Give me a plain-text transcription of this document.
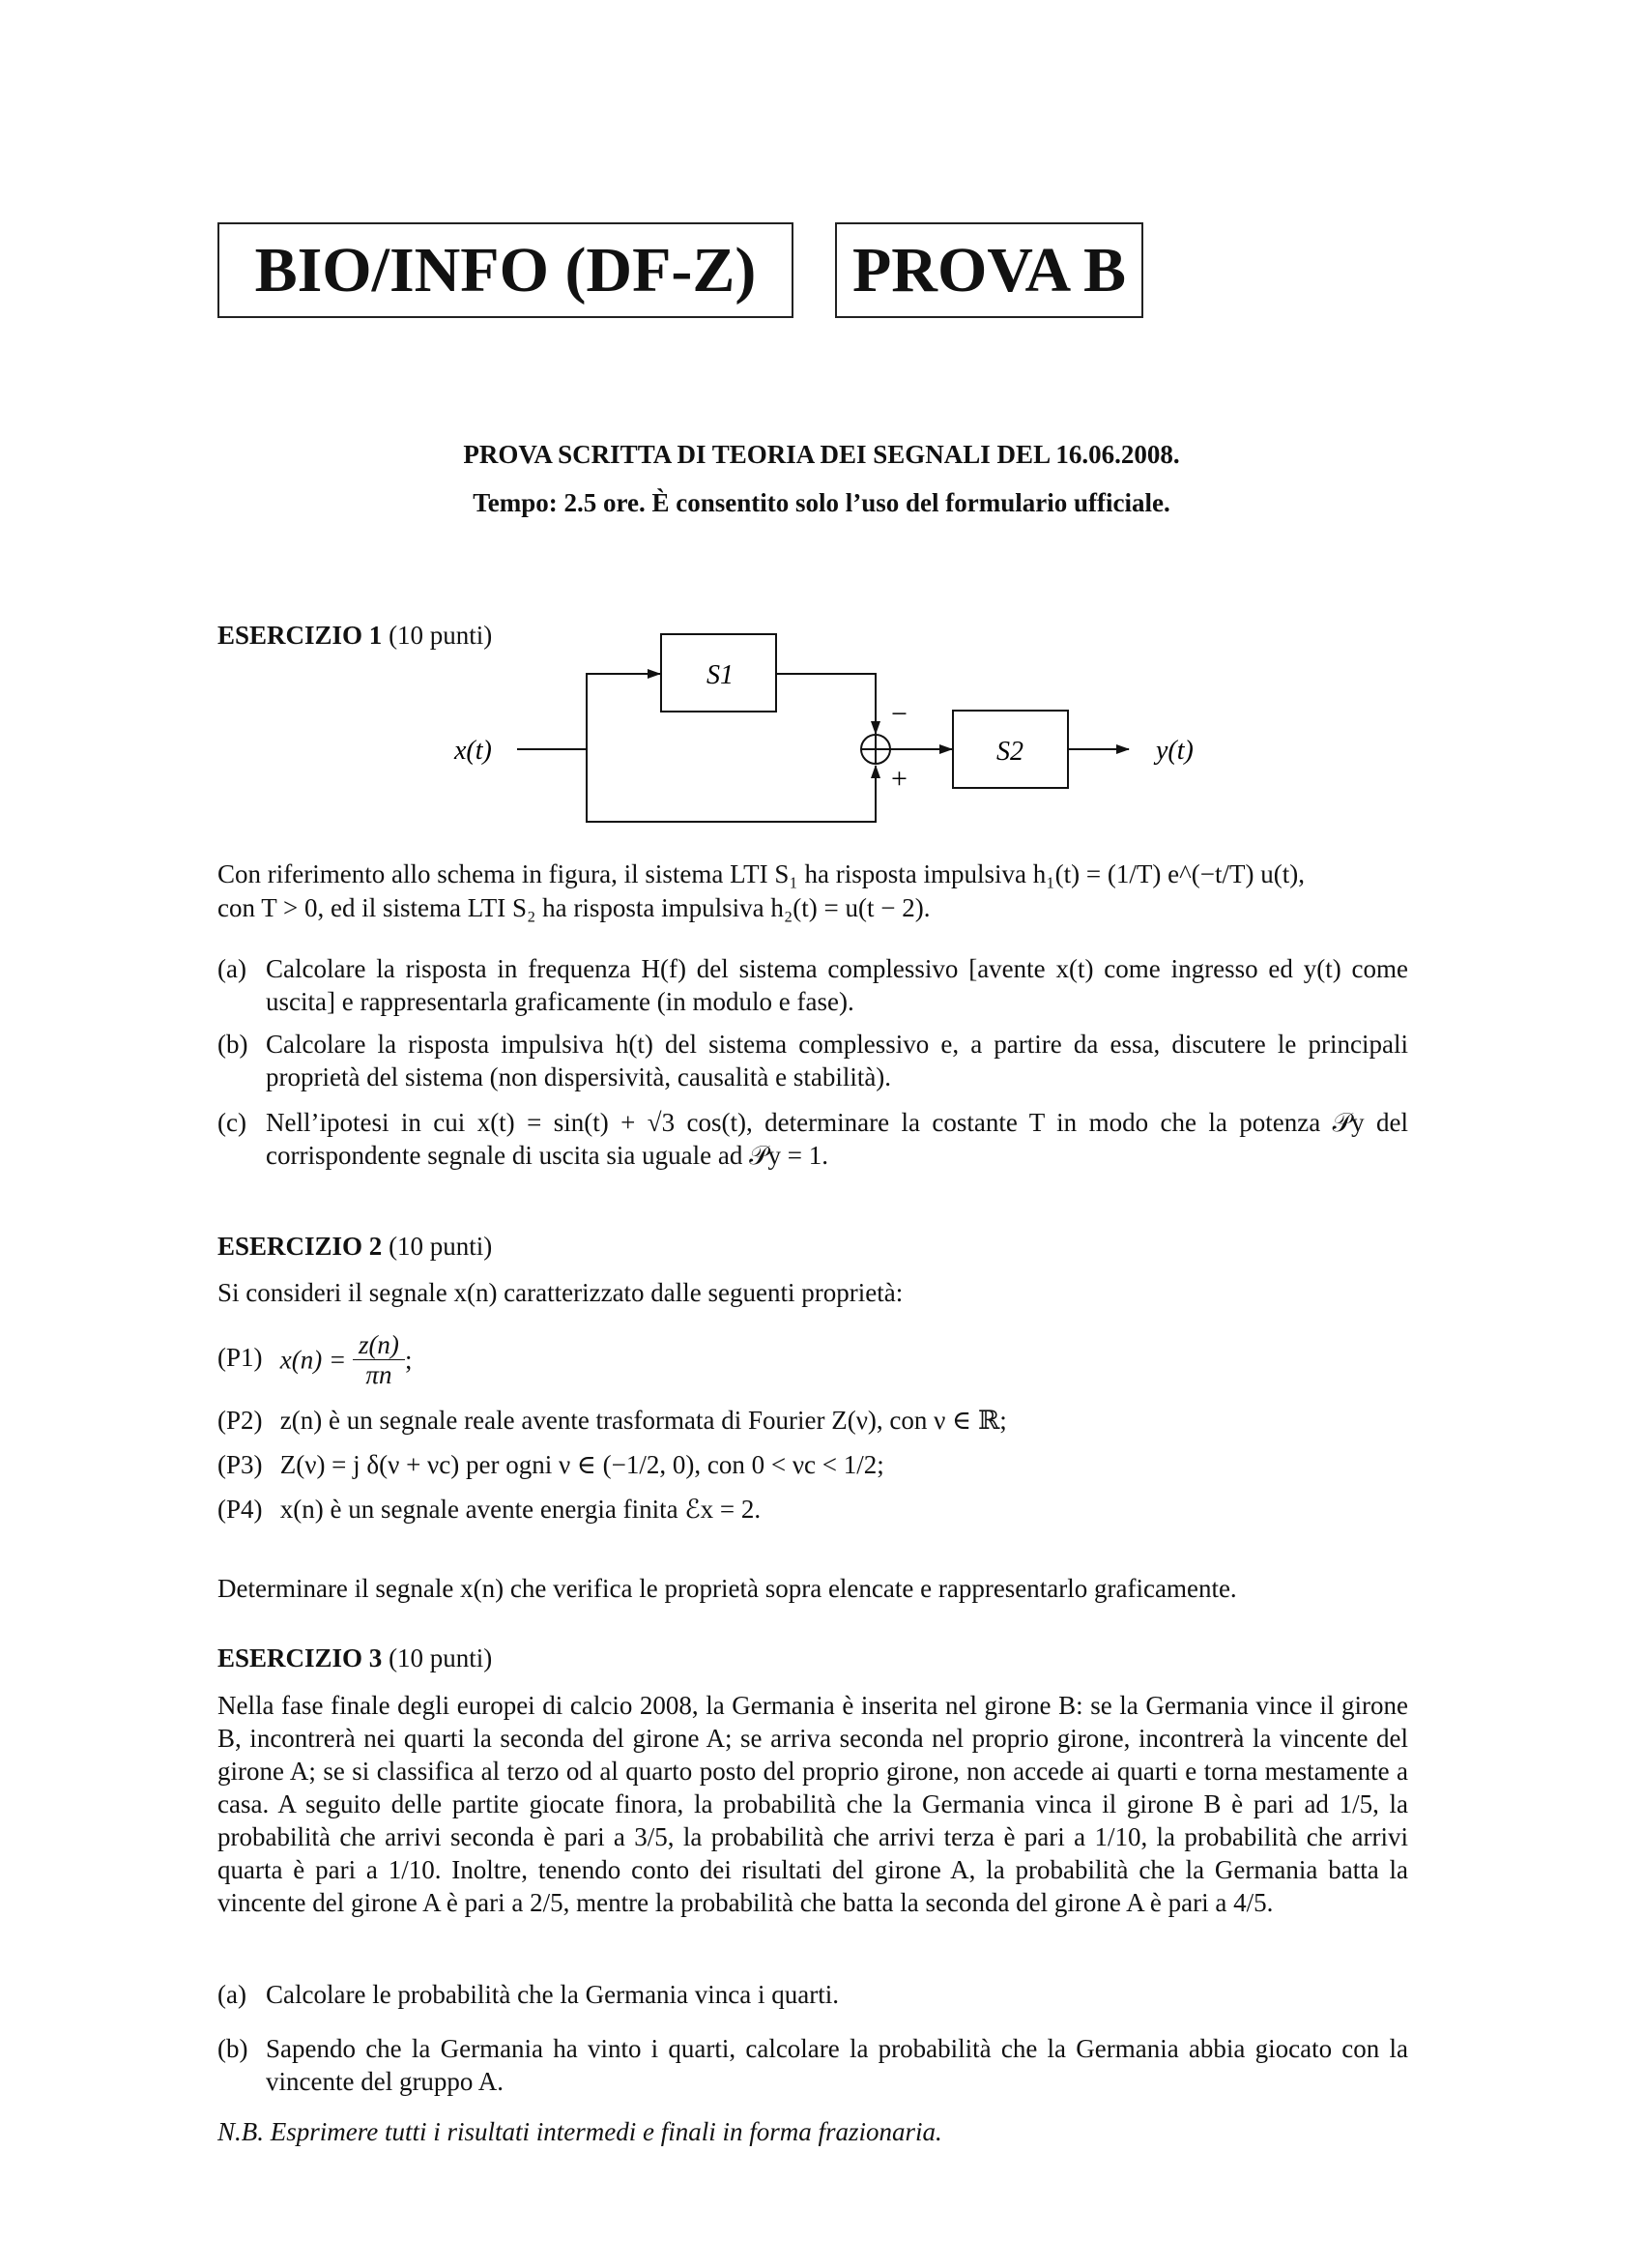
BIO/INFO (DF-Z) PROVA B
PROVA SCRITTA DI TEORIA DEI SEGNALI DEL 16.06.2008.
Tempo: 2.5 ore. È consentito solo l’uso del formulario ufficiale.
ESERCIZIO 1 (10 punti)
x(t)	y(t)
S1
S2
−
+
Con riferimento allo schema in figura, il sistema LTI S₁ ha risposta impulsiva h₁(t) = (1/T) e^(−t/T) u(t),
con T > 0, ed il sistema LTI S₂ ha risposta impulsiva h₂(t) = u(t − 2).
(a) Calcolare la risposta in frequenza H(f) del sistema complessivo [avente x(t) come ingresso ed y(t) come uscita] e rappresentarla graficamente (in modulo e fase).
(b) Calcolare la risposta impulsiva h(t) del sistema complessivo e, a partire da essa, discutere le principali proprietà del sistema (non dispersività, causalità e stabilità).
(c) Nell’ipotesi in cui x(t) = sin(t) + √3 cos(t), determinare la costante T in modo che la potenza 𝒫y del corrispondente segnale di uscita sia uguale ad 𝒫y = 1.
ESERCIZIO 2 (10 punti)
Si consideri il segnale x(n) caratterizzato dalle seguenti proprietà:
(P1) $x(n) = \frac{z(n)}{\pi n}$ ;
(P2) z(n) è un segnale reale avente trasformata di Fourier Z(ν), con ν ∈ ℝ;
(P3) Z(ν) = j δ(ν + νc) per ogni ν ∈ (−1/2, 0), con 0 < νc < 1/2;
(P4) x(n) è un segnale avente energia finita ℰx = 2.
Determinare il segnale x(n) che verifica le proprietà sopra elencate e rappresentarlo graficamente.
ESERCIZIO 3 (10 punti)
Nella fase finale degli europei di calcio 2008, la Germania è inserita nel girone B: se la Germania vince il girone B, incontrerà nei quarti la seconda del girone A; se arriva seconda nel proprio girone, incontrerà la vincente del girone A; se si classifica al terzo od al quarto posto del proprio girone, non accede ai quarti e torna mestamente a casa. A seguito delle partite giocate finora, la probabilità che la Germania vinca il girone B è pari ad 1/5, la probabilità che arrivi seconda è pari a 3/5, la probabilità che arrivi terza è pari a 1/10, la probabilità che arrivi quarta è pari a 1/10. Inoltre, tenendo conto dei risultati del girone A, la probabilità che la Germania batta la vincente del girone A è pari a 2/5, mentre la probabilità che batta la seconda del girone A è pari a 4/5.
(a) Calcolare le probabilità che la Germania vinca i quarti.
(b) Sapendo che la Germania ha vinto i quarti, calcolare la probabilità che la Germania abbia giocato con la vincente del gruppo A.
N.B. Esprimere tutti i risultati intermedi e finali in forma frazionaria.
